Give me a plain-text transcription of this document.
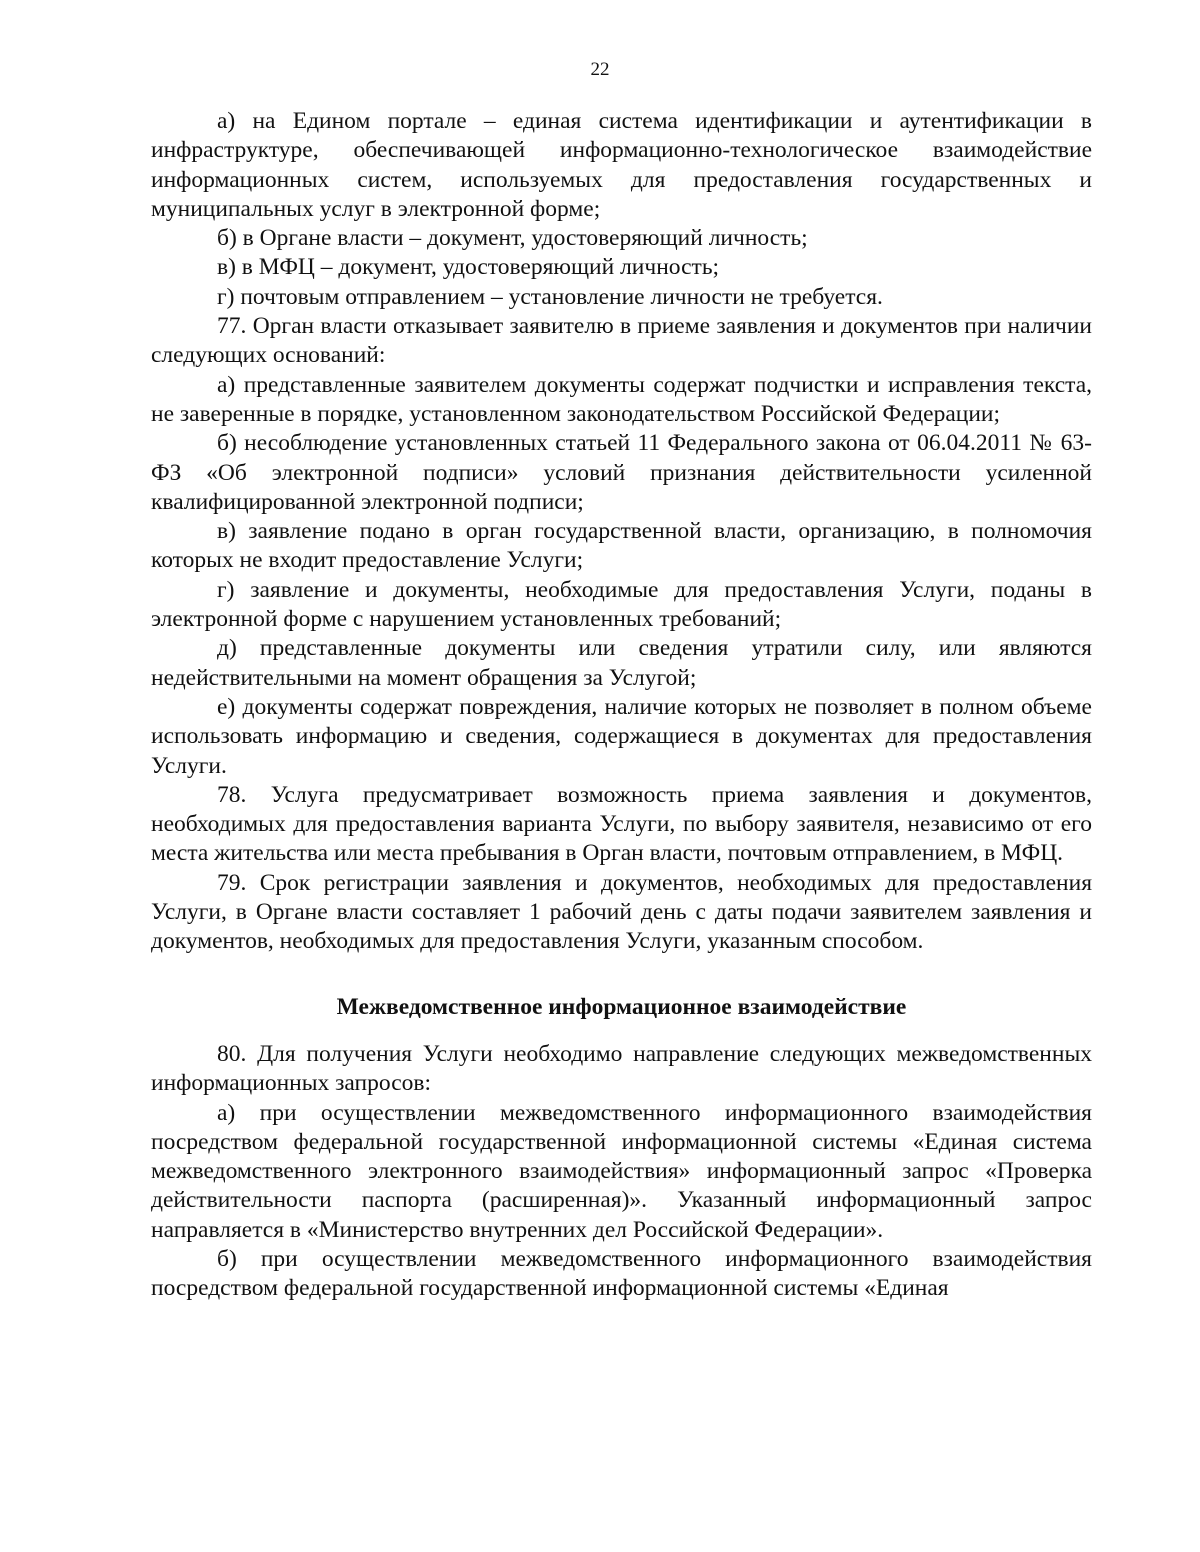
22

а) на Едином портале – единая система идентификации и аутентификации в инфраструктуре, обеспечивающей информационно-технологическое взаимодействие информационных систем, используемых для предоставления государственных и муниципальных услуг в электронной форме;

б) в Органе власти – документ, удостоверяющий личность;

в) в МФЦ – документ, удостоверяющий личность;

г) почтовым отправлением – установление личности не требуется.

77. Орган власти отказывает заявителю в приеме заявления и документов при наличии следующих оснований:

а) представленные заявителем документы содержат подчистки и исправления текста, не заверенные в порядке, установленном законодательством Российской Федерации;

б) несоблюдение установленных статьей 11 Федерального закона от 06.04.2011 № 63-ФЗ «Об электронной подписи» условий признания действительности усиленной квалифицированной электронной подписи;

в) заявление подано в орган государственной власти, организацию, в полномочия которых не входит предоставление Услуги;

г) заявление и документы, необходимые для предоставления Услуги, поданы в электронной форме с нарушением установленных требований;

д) представленные документы или сведения утратили силу, или являются недействительными на момент обращения за Услугой;

е) документы содержат повреждения, наличие которых не позволяет в полном объеме использовать информацию и сведения, содержащиеся в документах для предоставления Услуги.

78. Услуга предусматривает возможность приема заявления и документов, необходимых для предоставления варианта Услуги, по выбору заявителя, независимо от его места жительства или места пребывания в Орган власти, почтовым отправлением, в МФЦ.

79. Срок регистрации заявления и документов, необходимых для предоставления Услуги, в Органе власти составляет 1 рабочий день с даты подачи заявителем заявления и документов, необходимых для предоставления Услуги, указанным способом.

Межведомственное информационное взаимодействие

80. Для получения Услуги необходимо направление следующих межведомственных информационных запросов:

а) при осуществлении межведомственного информационного взаимодействия посредством федеральной государственной информационной системы «Единая система межведомственного электронного взаимодействия» информационный запрос «Проверка действительности паспорта (расширенная)». Указанный информационный запрос направляется в «Министерство внутренних дел Российской Федерации».

б) при осуществлении межведомственного информационного взаимодействия посредством федеральной государственной информационной системы «Единая
